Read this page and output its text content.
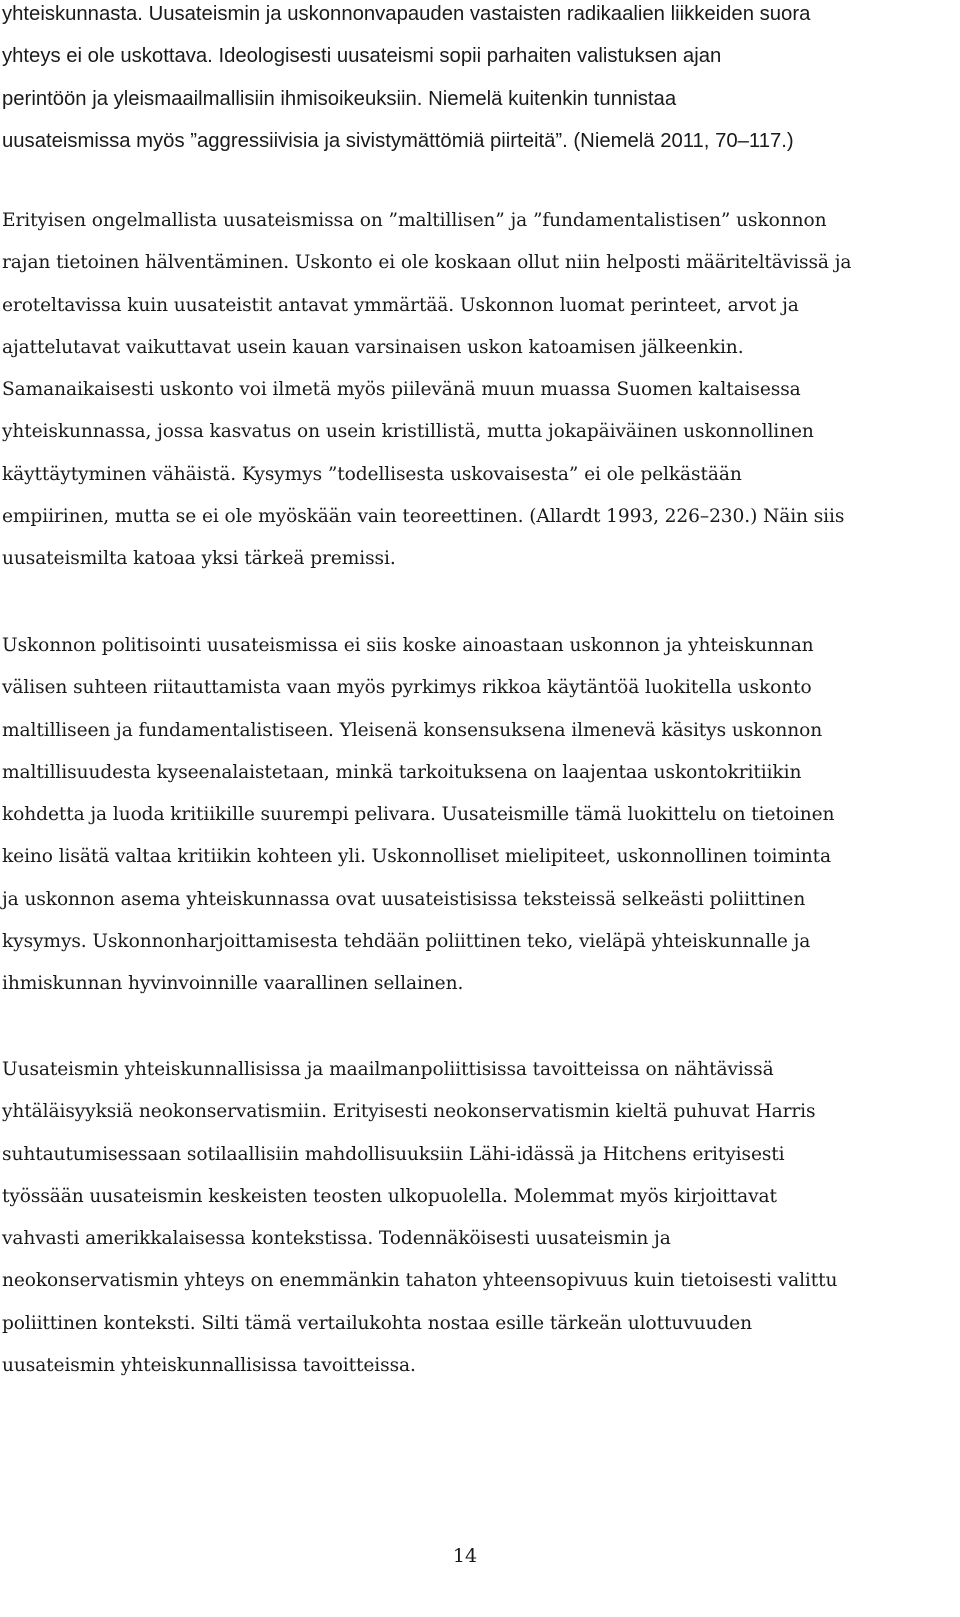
yhteiskunnasta. Uusateismin ja uskonnonvapauden vastaisten radikaalien liikkeiden suora
yhteys ei ole uskottava. Ideologisesti uusateismi sopii parhaiten valistuksen ajan
perintöön ja yleismaailmallisiin ihmisoikeuksiin. Niemelä kuitenkin tunnistaa
uusateismissa myös ”aggressiivisia ja sivistymättömiä piirteitä”. (Niemelä 2011, 70–117.)

Erityisen ongelmallista uusateismissa on ”maltillisen” ja ”fundamentalistisen” uskonnon
rajan tietoinen hälventäminen. Uskonto ei ole koskaan ollut niin helposti määriteltävissä ja
eroteltavissa kuin uusateistit antavat ymmärtää. Uskonnon luomat perinteet, arvot ja
ajattelutavat vaikuttavat usein kauan varsinaisen uskon katoamisen jälkeenkin.
Samanaikaisesti uskonto voi ilmetä myös piilevänä muun muassa Suomen kaltaisessa
yhteiskunnassa, jossa kasvatus on usein kristillistä, mutta jokapäiväinen uskonnollinen
käyttäytyminen vähäistä. Kysymys ”todellisesta uskovaisesta” ei ole pelkästään
empiirinen, mutta se ei ole myöskään vain teoreettinen. (Allardt 1993, 226–230.) Näin siis
uusateismilta katoaa yksi tärkeä premissi.

Uskonnon politisointi uusateismissa ei siis koske ainoastaan uskonnon ja yhteiskunnan
välisen suhteen riitauttamista vaan myös pyrkimys rikkoa käytäntöä luokitella uskonto
maltilliseen ja fundamentalistiseen. Yleisenä konsensuksena ilmenevä käsitys uskonnon
maltillisuudesta kyseenalaistetaan, minkä tarkoituksena on laajentaa uskontokritiikin
kohdetta ja luoda kritiikille suurempi pelivara. Uusateismille tämä luokittelu on tietoinen
keino lisätä valtaa kritiikin kohteen yli. Uskonnolliset mielipiteet, uskonnollinen toiminta
ja uskonnon asema yhteiskunnassa ovat uusateistisissa teksteissä selkeästi poliittinen
kysymys. Uskonnonharjoittamisesta tehdään poliittinen teko, vieläpä yhteiskunnalle ja
ihmiskunnan hyvinvoinnille vaarallinen sellainen.

Uusateismin yhteiskunnallisissa ja maailmanpoliittisissa tavoitteissa on nähtävissä
yhtäläisyyksiä neokonservatismiin. Erityisesti neokonservatismin kieltä puhuvat Harris
suhtautumisessaan sotilaallisiin mahdollisuuksiin Lähi-idässä ja Hitchens erityisesti
työssään uusateismin keskeisten teosten ulkopuolella. Molemmat myös kirjoittavat
vahvasti amerikkalaisessa kontekstissa. Todennäköisesti uusateismin ja
neokonservatismin yhteys on enemmänkin tahaton yhteensopivuus kuin tietoisesti valittu
poliittinen konteksti. Silti tämä vertailukohta nostaa esille tärkeän ulottuvuuden
uusateismin yhteiskunnallisissa tavoitteissa.

14
